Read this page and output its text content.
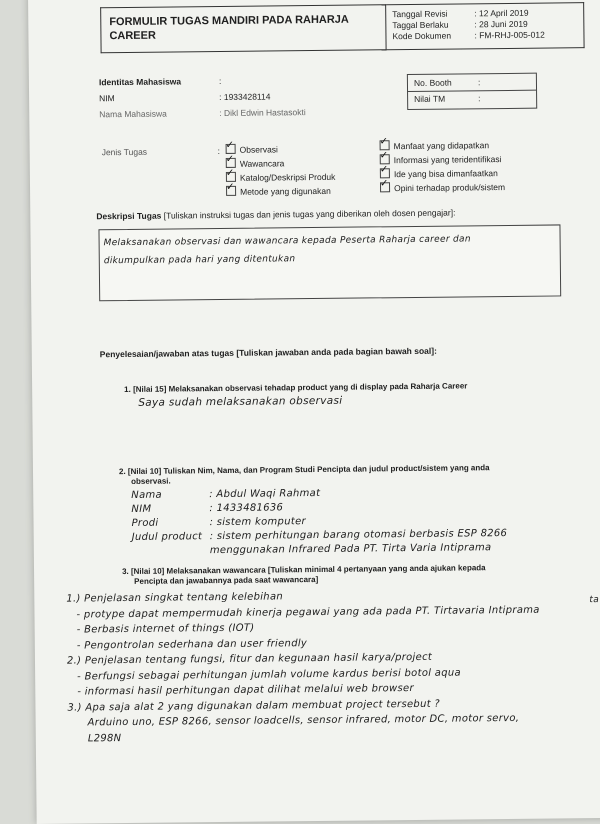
FORMULIR TUGAS MANDIRI PADA RAHARJA CAREER	
Tanggal Revisi	: 12 April 2019
Taggal Berlaku	: 28 Juni 2019
Kode Dokumen	: FM-RHJ-005-012
Identitas Mahasiswa	:
NIM	: 1933428114
Nama Mahasiswa	: Dikl Edwin Hastasokti
No. Booth	:
Nilai TM	:
Jenis Tugas	:
✓	Observasi
✓Wawancara
✓Katalog/Deskripsi Produk
✓Metode yang digunakan
✓Manfaat yang didapatkan
✓Informasi yang teridentifikasi
✓Ide yang bisa dimanfaatkan
✓Opini terhadap produk/sistem
Deskripsi Tugas [Tuliskan instruksi tugas dan jenis tugas yang diberikan oleh dosen pengajar]:
Melaksanakan observasi dan wawancara kepada Peserta Raharja career dan
dikumpulkan pada hari yang ditentukan
Penyelesaian/jawaban atas tugas [Tuliskan jawaban anda pada bagian bawah soal]:
1. [Nilai 15] Melaksanakan observasi tehadap product yang di display pada Raharja Career
Saya sudah melaksanakan observasi
2. [Nilai 10] Tuliskan Nim, Nama, dan Program Studi Pencipta dan judul product/sistem yang anda
observasi.
Nama	: Abdul Waqi Rahmat
NIM	: 1433481636
Prodi	: sistem komputer
Judul product : sistem perhitungan barang otomasi berbasis ESP 8266
menggunakan Infrared Pada PT. Tirta Varia Intiprama
3. [Nilai 10] Melaksanakan wawancara [Tuliskan minimal 4 pertanyaan yang anda ajukan kepada
Pencipta dan jawabannya pada saat wawancara]
1.) Penjelasan singkat tentang kelebihan
- protype dapat mempermudah kinerja pegawai yang ada pada PT. Tirtavaria Intiprama
- Berbasis internet of things (IOT)
- Pengontrolan sederhana dan user friendly
2.) Penjelasan tentang fungsi, fitur dan kegunaan hasil karya/project
- Berfungsi sebagai perhitungan jumlah volume kardus berisi botol aqua
- informasi hasil perhitungan dapat dilihat melalui web browser
3.) Apa saja alat 2 yang digunakan dalam membuat project tersebut ?
Arduino uno, ESP 8266, sensor loadcells, sensor infrared, motor DC, motor servo,
L298N
ta
